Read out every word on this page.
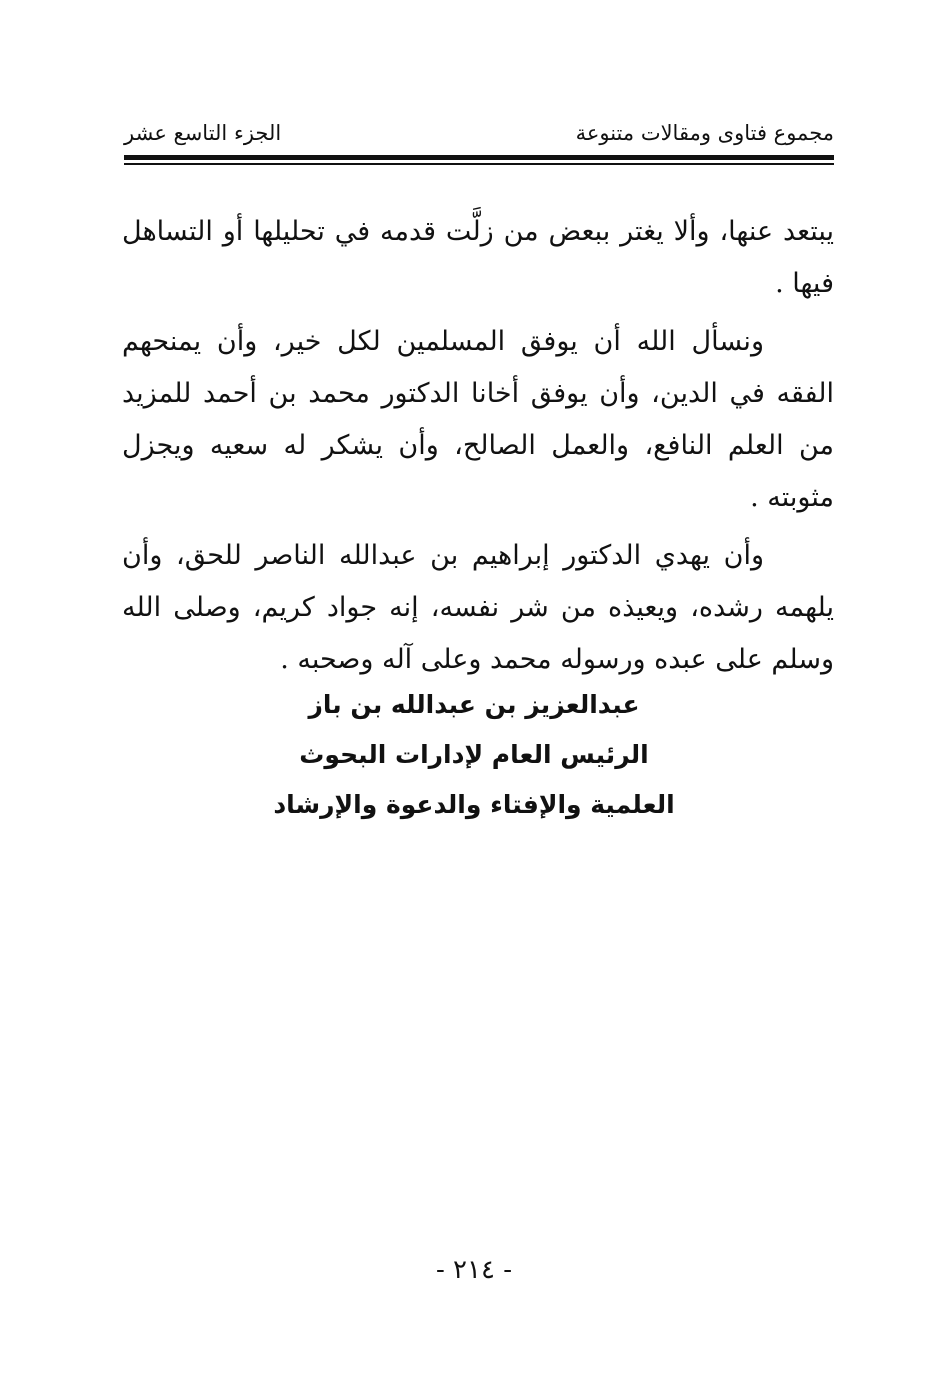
مجموع فتاوى ومقالات متنوعة
الجزء التاسع عشر

يبتعد عنها، وألا يغتر ببعض من زلَّت قدمه في تحليلها أو التساهل فيها .

ونسأل الله أن يوفق المسلمين لكل خير، وأن يمنحهم الفقه في الدين، وأن يوفق أخانا الدكتور محمد بن أحمد للمزيد من العلم النافع، والعمل الصالح، وأن يشكر له سعيه ويجزل مثوبته .

وأن يهدي الدكتور إبراهيم بن عبدالله الناصر للحق، وأن يلهمه رشده، ويعيذه من شر نفسه، إنه جواد كريم، وصلى الله وسلم على عبده ورسوله محمد وعلى آله وصحبه .

عبدالعزيز بن عبدالله بن باز
الرئيس العام لإدارات البحوث
العلمية والإفتاء والدعوة والإرشاد
- ٢١٤ -
